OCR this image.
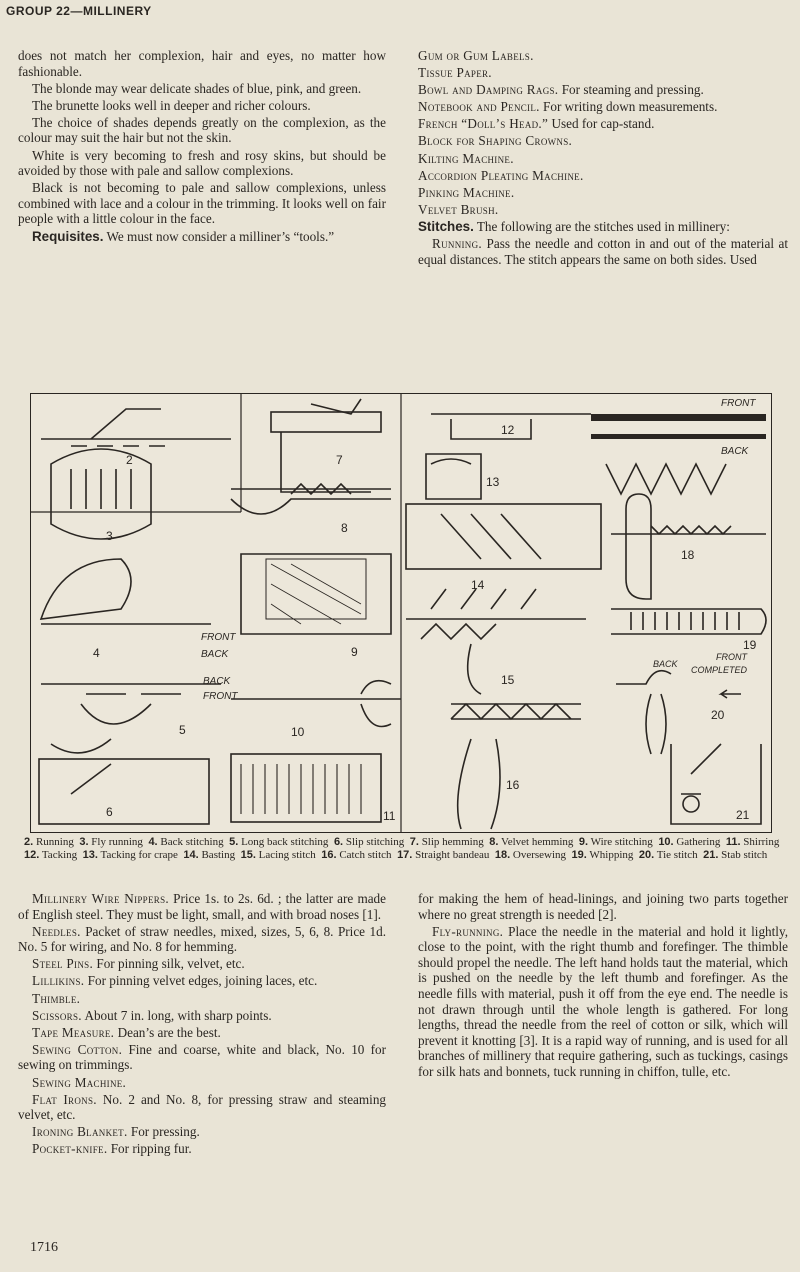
GROUP 22—MILLINERY

does not match her complexion, hair and eyes, no matter how fashionable.

The blonde may wear delicate shades of blue, pink, and green.

The brunette looks well in deeper and richer colours.

The choice of shades depends greatly on the complexion, as the colour may suit the hair but not the skin.

White is very becoming to fresh and rosy skins, but should be avoided by those with pale and sallow complexions.

Black is not becoming to pale and sallow complexions, unless combined with lace and a colour in the trimming. It looks well on fair people with a little colour in the face.

Requisites. We must now consider a milliner’s “tools.”

Gum or Gum Labels.

Tissue Paper.

Bowl and Damping Rags. For steaming and pressing.

Notebook and Pencil. For writing down measurements.

French “Doll’s Head.” Used for cap-stand.

Block for Shaping Crowns.

Kilting Machine.

Accordion Pleating Machine.

Pinking Machine.

Velvet Brush.

Stitches. The following are the stitches used in millinery:

Running. Pass the needle and cotton in and out of the material at equal distances. The stitch appears the same on both sides. Used

2	7
3
8
4
FRONT
BACK	9
BACK
FRONT
5	10
6	11
12
FRONT
BACK
13
14
18
15
19
BACK
FRONT
COMPLETED
20
16
21
2. Running 3. Fly running 4. Back stitching 5. Long back stitching 6. Slip stitching 7. Slip hemming 8. Velvet hemming 9. Wire stitching 10. Gathering 11. Shirring  12. Tacking 13. Tacking for crape 14. Basting 15. Lacing stitch 16. Catch stitch 17. Straight bandeau 18. Oversewing 19. Whipping 20. Tie stitch 21. Stab stitch

Millinery Wire Nippers. Price 1s. to 2s. 6d. ; the latter are made of English steel. They must be light, small, and with broad noses [1].

Needles. Packet of straw needles, mixed, sizes, 5, 6, 8. Price 1d. No. 5 for wiring, and No. 8 for hemming.

Steel Pins. For pinning silk, velvet, etc.

Lillikins. For pinning velvet edges, joining laces, etc.

Thimble.

Scissors. About 7 in. long, with sharp points.

Tape Measure. Dean’s are the best.

Sewing Cotton. Fine and coarse, white and black, No. 10 for sewing on trimmings.

Sewing Machine.

Flat Irons. No. 2 and No. 8, for pressing straw and steaming velvet, etc.

Ironing Blanket. For pressing.

Pocket-knife. For ripping fur.

for making the hem of head-linings, and joining two parts together where no great strength is needed [2].

Fly-running. Place the needle in the material and hold it lightly, close to the point, with the right thumb and forefinger. The thimble should propel the needle. The left hand holds taut the material, which is pushed on the needle by the left thumb and forefinger. As the needle fills with material, push it off from the eye end. The needle is not drawn through until the whole length is gathered. For long lengths, thread the needle from the reel of cotton or silk, which will prevent it knotting [3]. It is a rapid way of running, and is used for all branches of millinery that require gathering, such as tuckings, casings for silk hats and bonnets, tuck running in chiffon, tulle, etc.

1716
